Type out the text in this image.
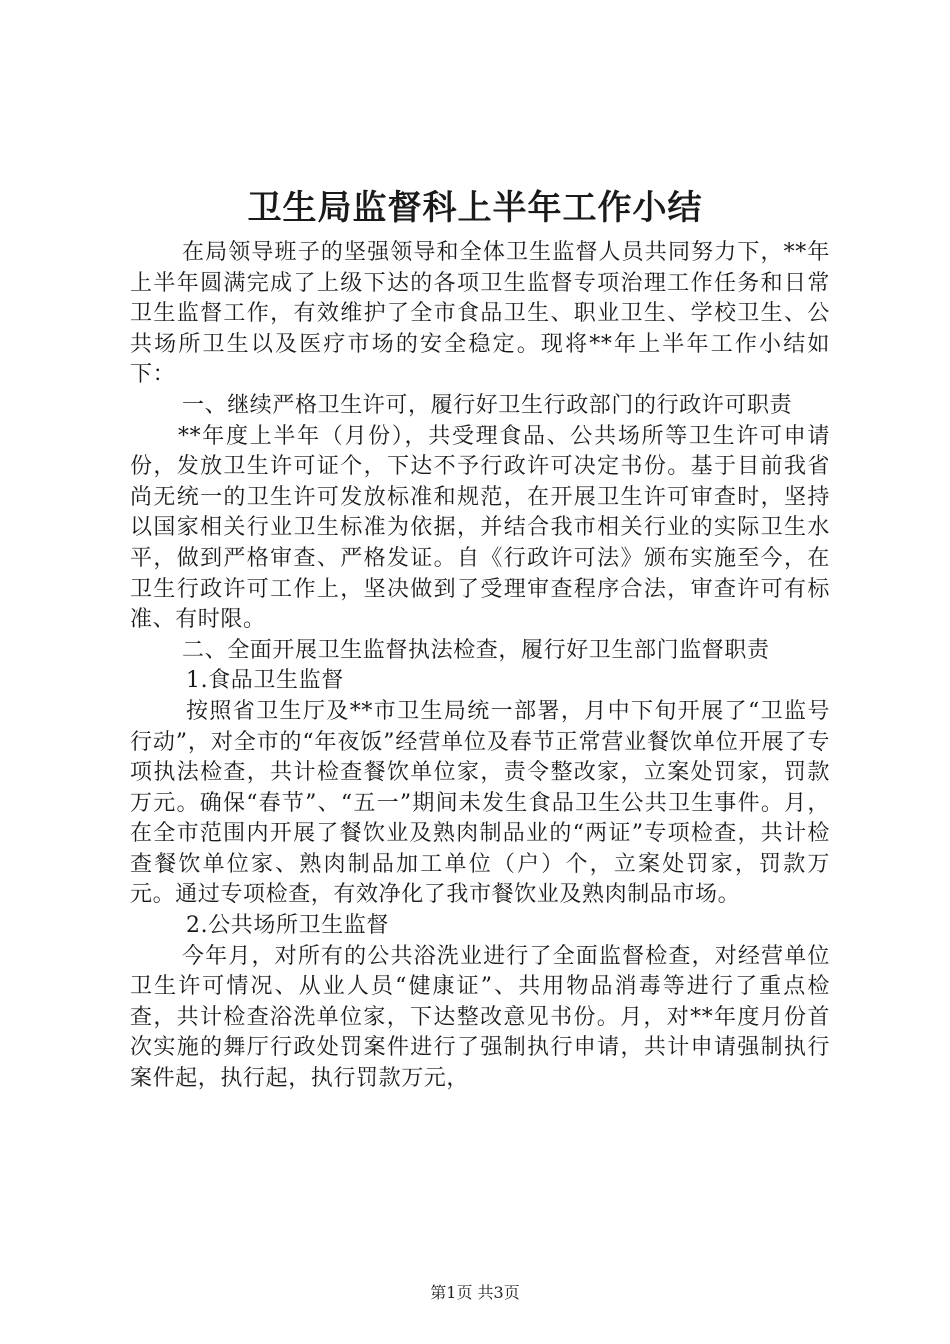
卫生局监督科上半年工作小结

在局领导班子的坚强领导和全体卫生监督人员共同努力下，**年上半年圆满完成了上级下达的各项卫生监督专项治理工作任务和日常卫生监督工作，有效维护了全市食品卫生、职业卫生、学校卫生、公共场所卫生以及医疗市场的安全稳定。现将**年上半年工作小结如下：

一、继续严格卫生许可，履行好卫生行政部门的行政许可职责

**年度上半年（月份），共受理食品、公共场所等卫生许可申请份，发放卫生许可证个，下达不予行政许可决定书份。基于目前我省尚无统一的卫生许可发放标准和规范，在开展卫生许可审查时，坚持以国家相关行业卫生标准为依据，并结合我市相关行业的实际卫生水平，做到严格审查、严格发证。自《行政许可法》颁布实施至今，在卫生行政许可工作上，坚决做到了受理审查程序合法，审查许可有标准、有时限。

二、全面开展卫生监督执法检查，履行好卫生部门监督职责

1.食品卫生监督

按照省卫生厅及**市卫生局统一部署，月中下旬开展了“卫监号行动”，对全市的“年夜饭”经营单位及春节正常营业餐饮单位开展了专项执法检查，共计检查餐饮单位家，责令整改家，立案处罚家，罚款万元。确保“春节”、“五一”期间未发生食品卫生公共卫生事件。月，在全市范围内开展了餐饮业及熟肉制品业的“两证”专项检查，共计检查餐饮单位家、熟肉制品加工单位（户）个，立案处罚家，罚款万元。通过专项检查，有效净化了我市餐饮业及熟肉制品市场。

2.公共场所卫生监督

今年月，对所有的公共浴洗业进行了全面监督检查，对经营单位卫生许可情况、从业人员“健康证”、共用物品消毒等进行了重点检查，共计检查浴洗单位家，下达整改意见书份。月，对**年度月份首次实施的舞厅行政处罚案件进行了强制执行申请，共计申请强制执行案件起，执行起，执行罚款万元，

第1页 共3页
